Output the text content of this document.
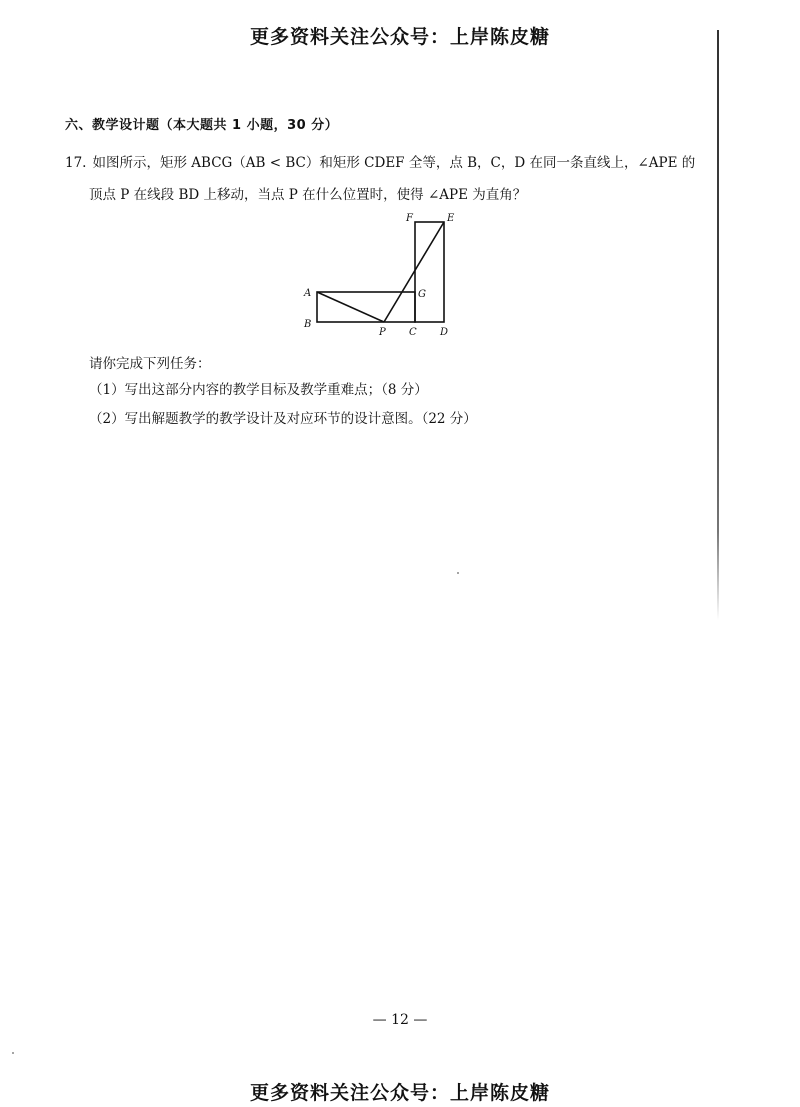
更多资料关注公众号：上岸陈皮糖
六、教学设计题（本大题共 1 小题，30 分）
17. 如图所示，矩形 ABCG（AB < BC）和矩形 CDEF 全等，点 B，C，D 在同一条直线上，∠APE 的
顶点 P 在线段 BD 上移动，当点 P 在什么位置时，使得 ∠APE 为直角？
A
B
C D
E
F
G
P
请你完成下列任务：
（1）写出这部分内容的教学目标及教学重难点；（8 分）
（2）写出解题教学的教学设计及对应环节的设计意图。（22 分）
— 12 —
更多资料关注公众号：上岸陈皮糖
